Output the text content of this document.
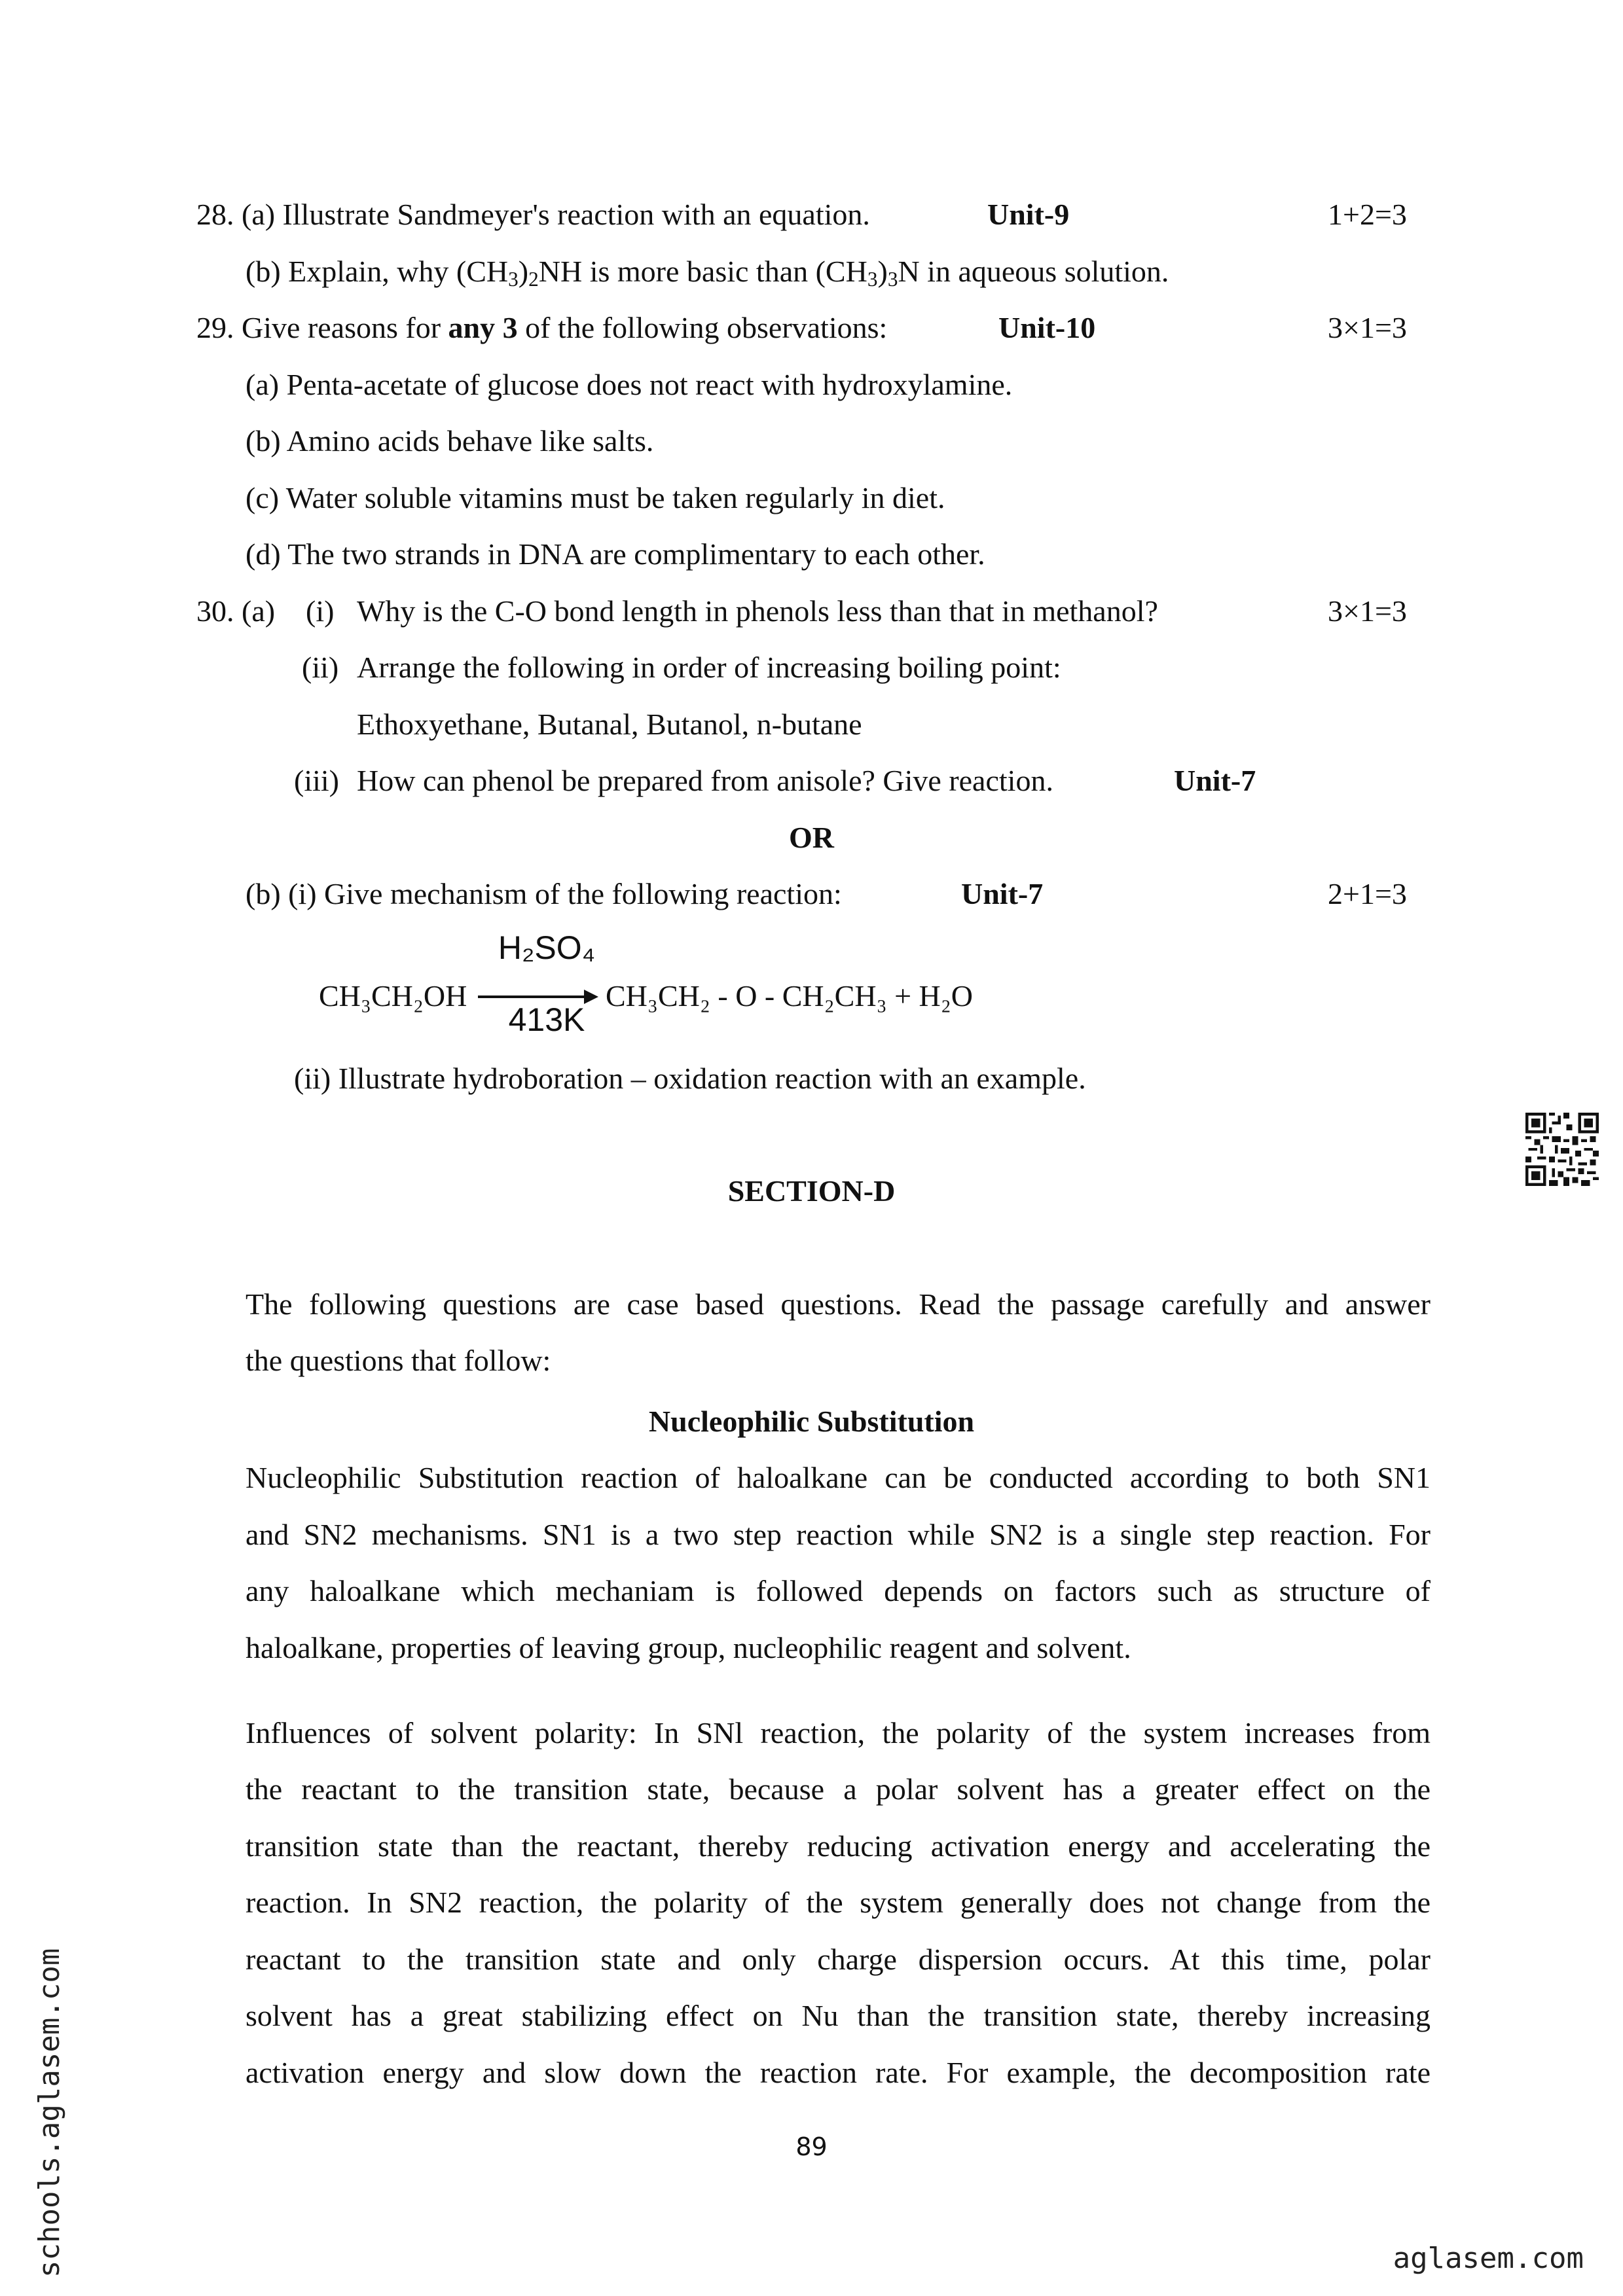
28. (a) Illustrate Sandmeyer's reaction with an equation.	Unit-9	1+2=3
(b) Explain, why $(CH_3)_2NH$ is more basic than $(CH_3)_3N$ in aqueous solution.
29. Give reasons for any 3 of the following observations:	Unit-10	3×1=3
(a) Penta-acetate of glucose does not react with hydroxylamine.
(b) Amino acids behave like salts.
(c) Water soluble vitamins must be taken regularly in diet.
(d) The two strands in DNA are complimentary to each other.
30. (a) (i) Why is the C-O bond length in phenols less than that in methanol?	3×1=3
(ii) Arrange the following in order of increasing boiling point:
Ethoxyethane, Butanal, Butanol, n-butane
(iii) How can phenol be prepared from anisole? Give reaction.	Unit-7
OR
(b) (i) Give mechanism of the following reaction:	Unit-7	2+1=3
CH₃CH₂OH
H₂SO₄
413K
CH₃CH₂ - O - CH₂CH₃ + H₂O
(ii) Illustrate hydroboration – oxidation reaction with an example.
SECTION-D
The following questions are case based questions. Read the passage carefully and answer
the questions that follow:
Nucleophilic Substitution
Nucleophilic Substitution reaction of haloalkane can be conducted according to both SN1
and SN2 mechanisms. SN1 is a two step reaction while SN2 is a single step reaction. For
any haloalkane which mechaniam is followed depends on factors such as structure of
haloalkane, properties of leaving group, nucleophilic reagent and solvent.
Influences of solvent polarity: In SNl reaction, the polarity of the system increases from
the reactant to the transition state, because a polar solvent has a greater effect on the
transition state than the reactant, thereby reducing activation energy and accelerating the
reaction. In SN2 reaction, the polarity of the system generally does not change from the
reactant to the transition state and only charge dispersion occurs. At this time, polar
solvent has a great stabilizing effect on Nu than the transition state, thereby increasing
activation energy and slow down the reaction rate. For example, the decomposition rate
89
schools.aglasem.com	aglasem.com
